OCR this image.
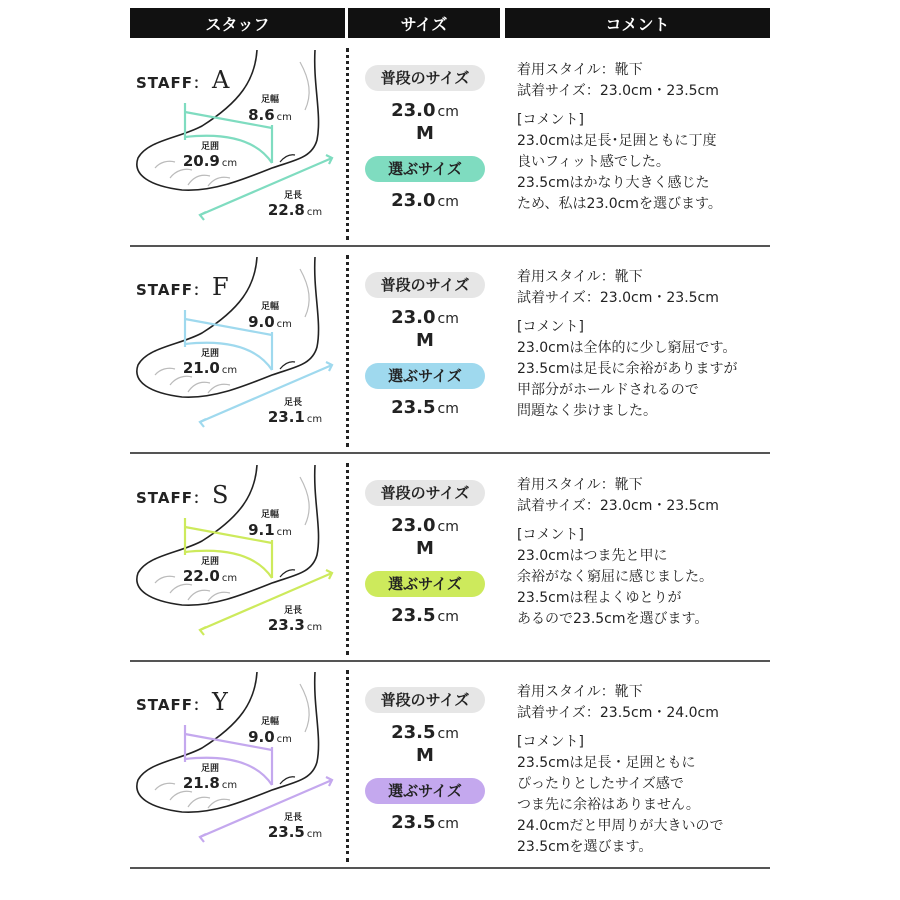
スタッフ	サイズ	コメント
STAFF： A
足幅
8.6 cm
足囲
20.9 cm
足長
22.8 cm
普段のサイズ
23.0 cm
M
選ぶサイズ
23.0 cm

着用スタイル：靴下

試着サイズ：23.0cm・23.5cm

[コメント]

23.0cmは足長･足囲ともに丁度

良いフィット感でした。

23.5cmはかなり大きく感じた

ため、私は23.0cmを選びます。

STAFF： F
足幅
9.0 cm
足囲
21.0 cm
足長
23.1 cm
普段のサイズ
23.0 cm
M
選ぶサイズ
23.5 cm

着用スタイル：靴下

試着サイズ：23.0cm・23.5cm

[コメント]

23.0cmは全体的に少し窮屈です。

23.5cmは足長に余裕がありますが

甲部分がホールドされるので

問題なく歩けました。

STAFF： S
足幅
9.1 cm
足囲
22.0 cm
足長
23.3 cm
普段のサイズ
23.0 cm
M
選ぶサイズ
23.5 cm

着用スタイル：靴下

試着サイズ：23.0cm・23.5cm

[コメント]

23.0cmはつま先と甲に

余裕がなく窮屈に感じました。

23.5cmは程よくゆとりが

あるので23.5cmを選びます。

STAFF： Y
足幅
9.0 cm
足囲
21.8 cm
足長
23.5 cm
普段のサイズ
23.5 cm
M
選ぶサイズ
23.5 cm

着用スタイル：靴下

試着サイズ：23.5cm・24.0cm

[コメント]

23.5cmは足長・足囲ともに

ぴったりとしたサイズ感で

つま先に余裕はありません。

24.0cmだと甲周りが大きいので

23.5cmを選びます。
